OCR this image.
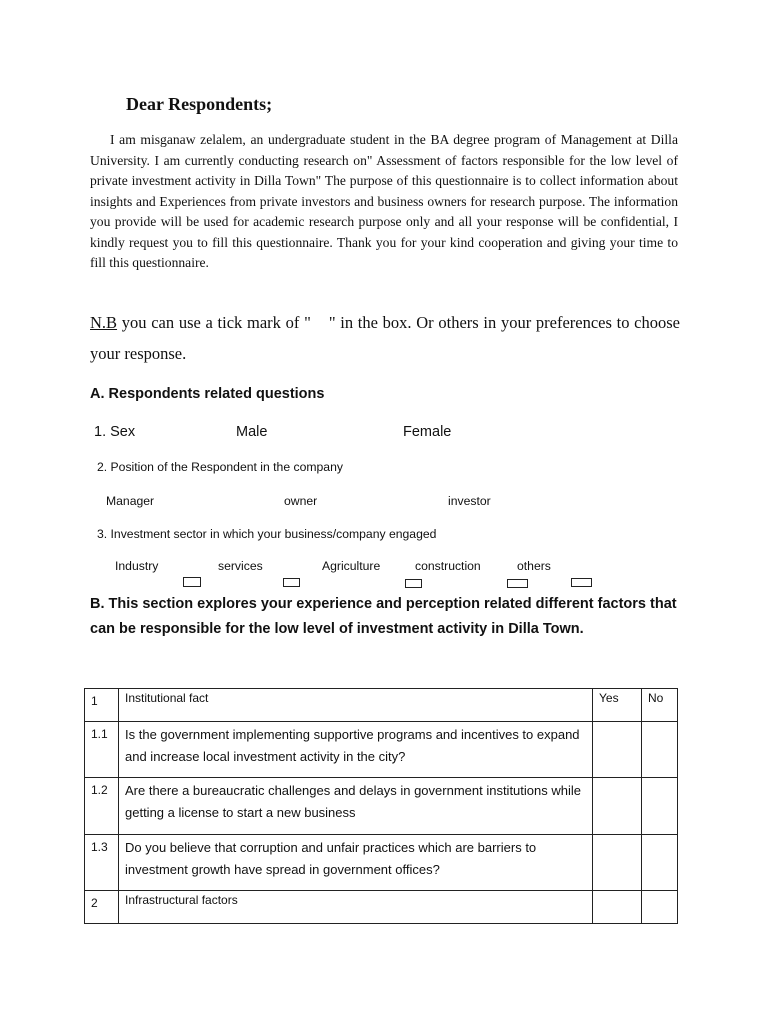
Dear Respondents;
I am misganaw zelalem, an undergraduate student in the BA degree program of Management at Dilla University. I am currently conducting research on" Assessment of factors responsible for the low level of private investment activity in Dilla Town" The purpose of this questionnaire is to collect information about insights and Experiences from private investors and business owners for research purpose. The information you provide will be used for academic research purpose only and all your response will be confidential, I kindly request you to fill this questionnaire. Thank you for your kind cooperation and giving your time to fill this questionnaire.
N.B you can use a tick mark of " " in the box. Or others in your preferences to choose your response.
A. Respondents related questions
1. Sex	Male	Female
2. Position of the Respondent in the company
Manager	owner	investor
3. Investment sector in which your business/company engaged
Industry	services	Agriculture	construction	others
B. This section explores your experience and perception related different factors that can be responsible for the low level of investment activity in Dilla Town.
1	Institutional fact	Yes	No
1.1	Is the government implementing supportive programs and incentives to expand and increase local investment activity in the city?		
1.2	Are there a bureaucratic challenges and delays in government institutions while getting a license to start a new business		
1.3	Do you believe that corruption and unfair practices which are barriers to investment growth have spread in government offices?		
2	Infrastructural factors		
